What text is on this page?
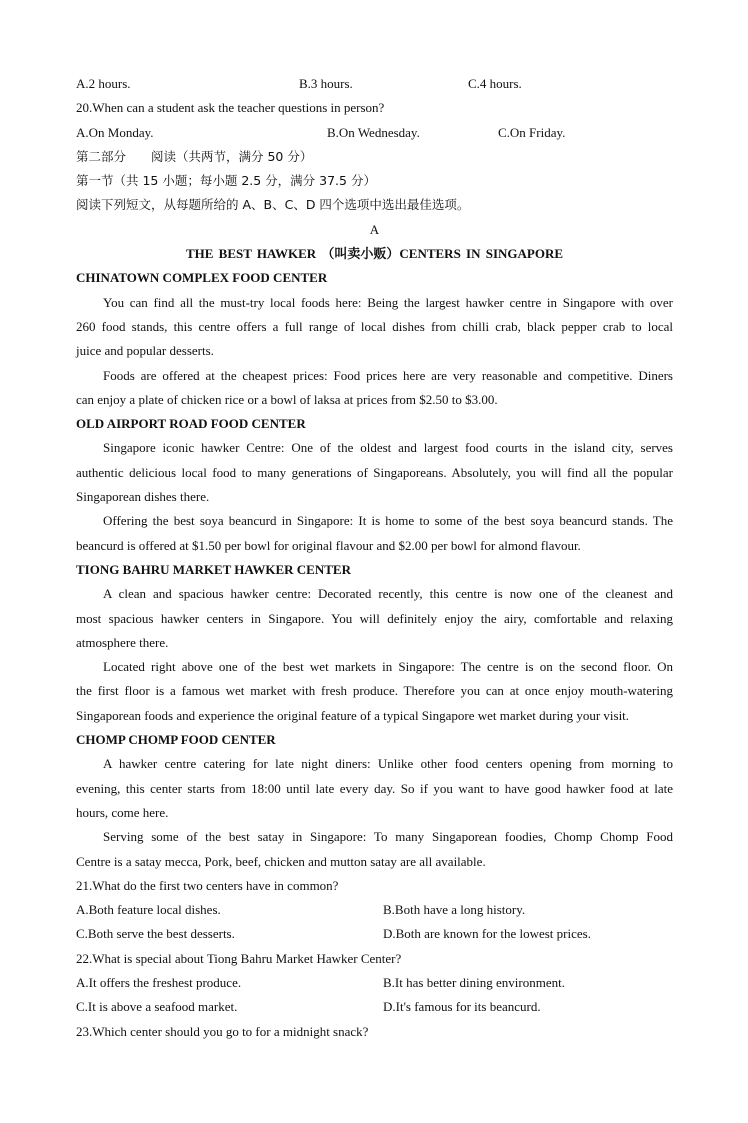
A.2 hours.	B.3 hours.	C.4 hours.
20.When can a student ask the teacher questions in person?
A.On Monday.	B.On Wednesday.	C.On Friday.
第二部分　　阅读（共两节，满分 50 分）
第一节（共 15 小题；每小题 2.5 分，满分 37.5 分）
阅读下列短文，从每题所给的 A、B、C、D 四个选项中选出最佳选项。
A
THE BEST HAWKER （叫卖小贩）CENTERS IN SINGAPORE
CHINATOWN COMPLEX FOOD CENTER
You can find all the must-try local foods here: Being the largest hawker centre in Singapore with over
260 food stands, this centre offers a full range of local dishes from chilli crab, black pepper crab to local
juice and popular desserts.
Foods are offered at the cheapest prices: Food prices here are very reasonable and competitive. Diners
can enjoy a plate of chicken rice or a bowl of laksa at prices from $2.50 to $3.00.
OLD AIRPORT ROAD FOOD CENTER
Singapore iconic hawker Centre: One of the oldest and largest food courts in the island city, serves
authentic delicious local food to many generations of Singaporeans. Absolutely, you will find all the popular
Singaporean dishes there.
Offering the best soya beancurd in Singapore: It is home to some of the best soya beancurd stands. The
beancurd is offered at $1.50 per bowl for original flavour and $2.00 per bowl for almond flavour.
TIONG BAHRU MARKET HAWKER CENTER
A clean and spacious hawker centre: Decorated recently, this centre is now one of the cleanest and
most spacious hawker centers in Singapore. You will definitely enjoy the airy, comfortable and relaxing
atmosphere there.
Located right above one of the best wet markets in Singapore: The centre is on the second floor. On
the first floor is a famous wet market with fresh produce. Therefore you can at once enjoy mouth-watering
Singaporean foods and experience the original feature of a typical Singapore wet market during your visit.
CHOMP CHOMP FOOD CENTER
A hawker centre catering for late night diners: Unlike other food centers opening from morning to
evening, this center starts from 18:00 until late every day. So if you want to have good hawker food at late
hours, come here.
Serving some of the best satay in Singapore: To many Singaporean foodies, Chomp Chomp Food
Centre is a satay mecca, Pork, beef, chicken and mutton satay are all available.
21.What do the first two centers have in common?
A.Both feature local dishes.	B.Both have a long history.
C.Both serve the best desserts.	D.Both are known for the lowest prices.
22.What is special about Tiong Bahru Market Hawker Center?
A.It offers the freshest produce.	B.It has better dining environment.
C.It is above a seafood market.	D.It's famous for its beancurd.
23.Which center should you go to for a midnight snack?
